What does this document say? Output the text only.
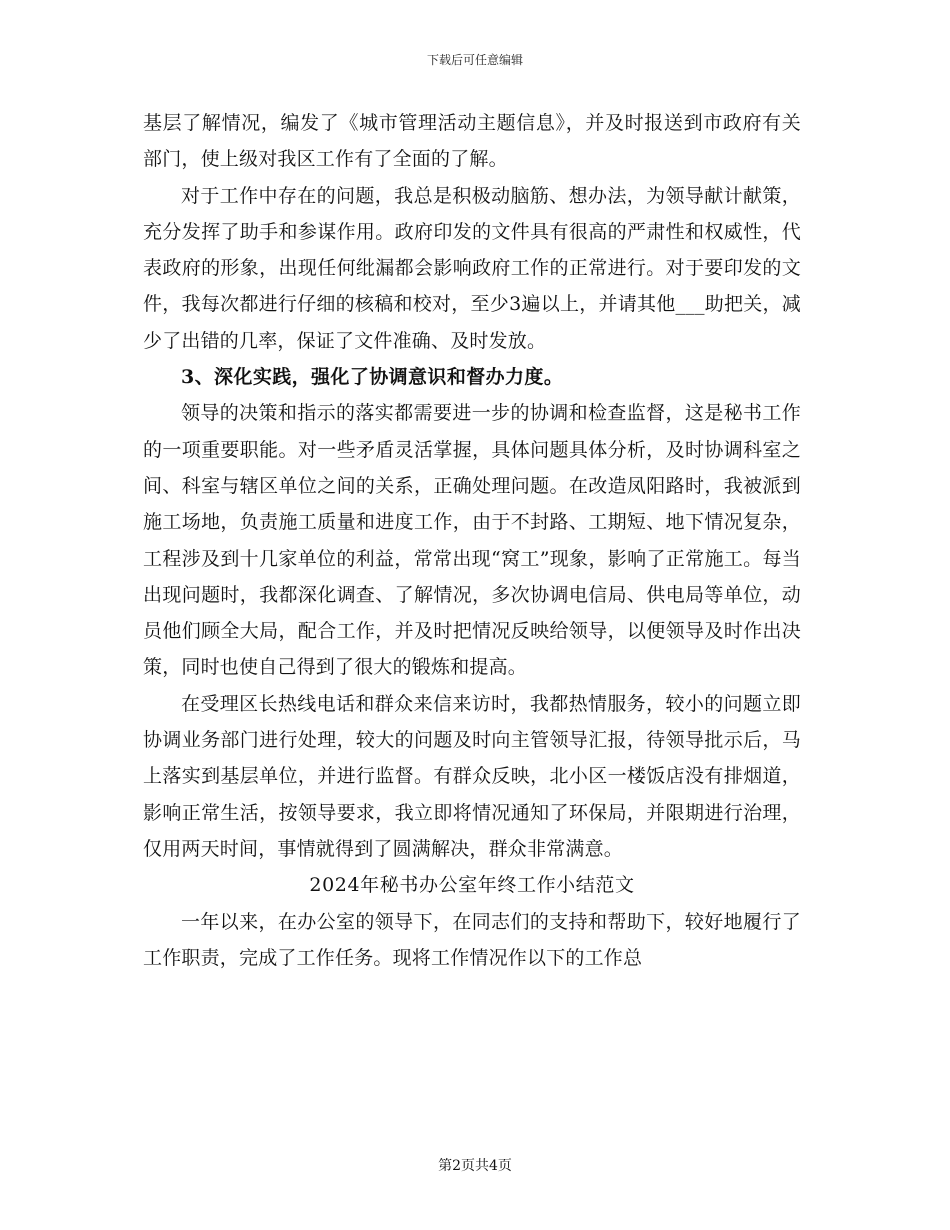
下载后可任意编辑

基层了解情况，编发了《城市管理活动主题信息》，并及时报送到市政府有关部门，使上级对我区工作有了全面的了解。

对于工作中存在的问题，我总是积极动脑筋、想办法，为领导献计献策，充分发挥了助手和参谋作用。政府印发的文件具有很高的严肃性和权威性，代表政府的形象，出现任何纰漏都会影响政府工作的正常进行。对于要印发的文件，我每次都进行仔细的核稿和校对，至少3遍以上，并请其他___助把关，减少了出错的几率，保证了文件准确、及时发放。

3、深化实践，强化了协调意识和督办力度。

领导的决策和指示的落实都需要进一步的协调和检查监督，这是秘书工作的一项重要职能。对一些矛盾灵活掌握，具体问题具体分析，及时协调科室之间、科室与辖区单位之间的关系，正确处理问题。在改造凤阳路时，我被派到施工场地，负责施工质量和进度工作，由于不封路、工期短、地下情况复杂，工程涉及到十几家单位的利益，常常出现“窝工”现象，影响了正常施工。每当出现问题时，我都深化调查、了解情况，多次协调电信局、供电局等单位，动员他们顾全大局，配合工作，并及时把情况反映给领导，以便领导及时作出决策，同时也使自己得到了很大的锻炼和提高。

在受理区长热线电话和群众来信来访时，我都热情服务，较小的问题立即协调业务部门进行处理，较大的问题及时向主管领导汇报，待领导批示后，马上落实到基层单位，并进行监督。有群众反映，北小区一楼饭店没有排烟道，影响正常生活，按领导要求，我立即将情况通知了环保局，并限期进行治理，仅用两天时间，事情就得到了圆满解决，群众非常满意。

2024年秘书办公室年终工作小结范文

一年以来，在办公室的领导下，在同志们的支持和帮助下，较好地履行了工作职责，完成了工作任务。现将工作情况作以下的工作总

第2页共4页
